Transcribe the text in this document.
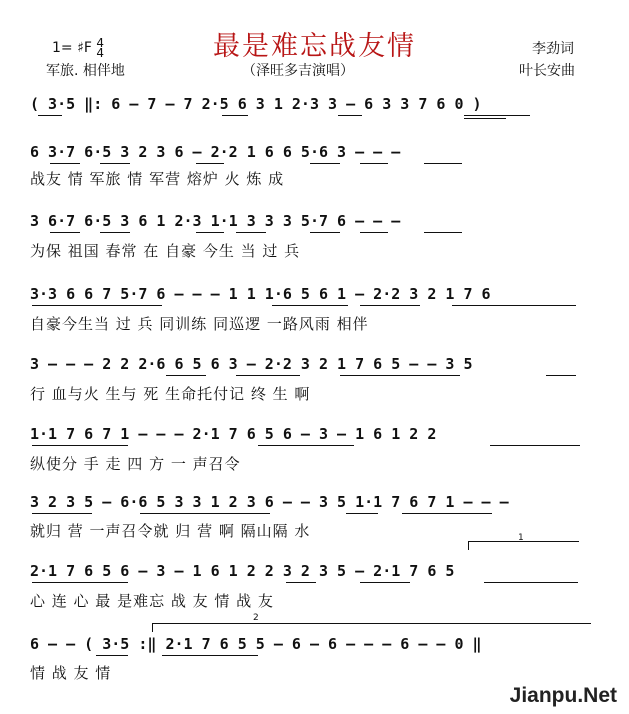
最是难忘战友情
1= ♯F 4
4	李劲词
军旅. 相伴地	（泽旺多吉演唱）	叶长安曲
( 3·5 ‖: 6 – 7 – 7 2·5 6 3 1 2·3 3 – 6 3 3 7 6 0 )
6 3·7 6·5 3 2 3 6 – 2·2 1 6 6 5·6 3 – – –
战友 情 军旅 情 军营 熔炉 火 炼 成
3 6·7 6·5 3 6 1 2·3 1·1 3 3 3 5·7 6 – – –
为保 祖国 春常 在 自豪 今生 当 过 兵
3·3 6 6 7 5·7 6 – – – 1 1 1·6 5 6 1 – 2·2 3 2 1 7 6
自豪今生当 过 兵 同训练 同巡逻 一路风雨 相伴
3 – – – 2 2 2·6 6 5 6 3 – 2·2 3 2 1 7 6 5 – – 3 5
行 血与火 生与 死 生命托付记 终 生 啊
1·1 7 6 7 1 – – – 2·1 7 6 5 6 – 3 – 1 6 1 2 2
纵使分 手 走 四 方 一 声召令
3 2 3 5 – 6·6 5 3 3 1 2 3 6 – – 3 5 1·1 7 6 7 1 – – –
就归 营 一声召令就 归 营 啊 隔山隔 水	1
2·1 7 6 5 6 – 3 – 1 6 1 2 2 3 2 3 5 – 2·1 7 6 5
心 连 心 最 是难忘 战 友 情 战 友
2
6 – – ( 3·5 :‖ 2·1 7 6 5 5 – 6 – 6 – – – 6 – – 0 ‖
情 战 友 情
Jianpu.Net
